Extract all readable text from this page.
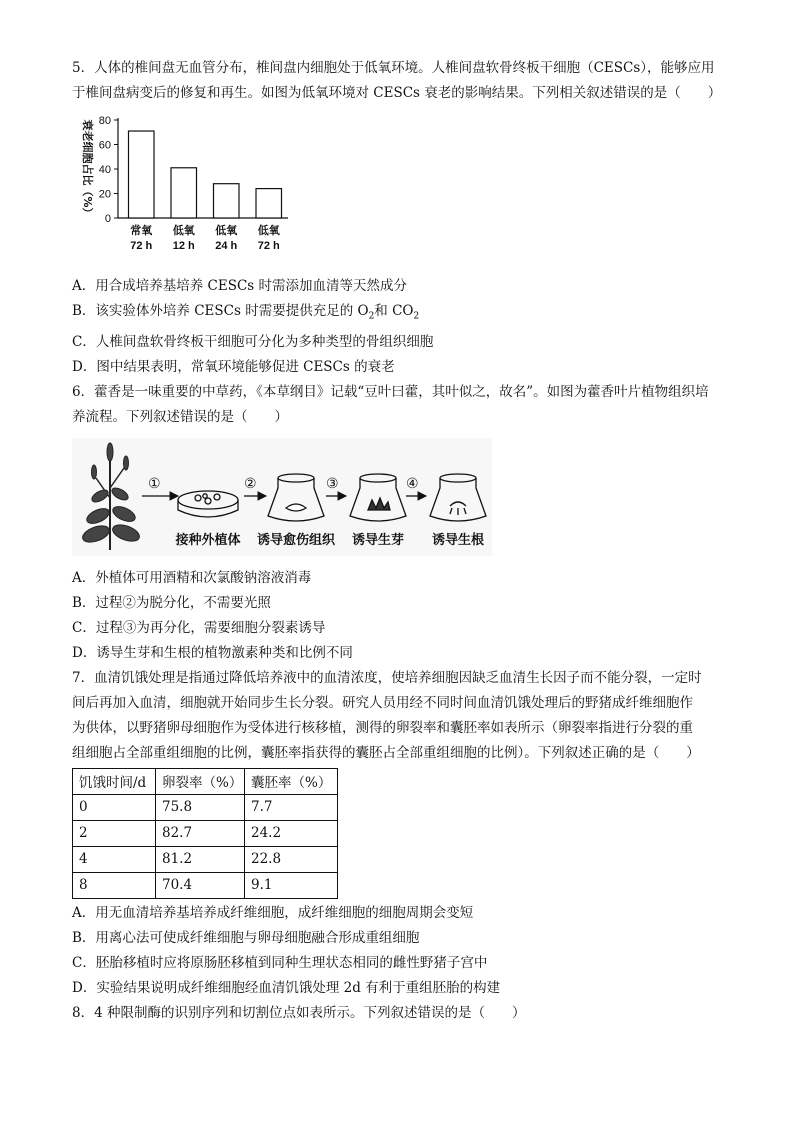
5．人体的椎间盘无血管分布，椎间盘内细胞处于低氧环境。人椎间盘软骨终板干细胞（CESCs），能够应用
于椎间盘病变后的修复和再生。如图为低氧环境对 CESCs 衰老的影响结果。下列相关叙述错误的是（　　）
0
20
40
60
80
衰老细胞占比（%）
常氧
72 h
低氧
12 h
低氧
24 h
低氧
72 h
A．用合成培养基培养 CESCs 时需添加血清等天然成分
B．该实验体外培养 CESCs 时需要提供充足的 $O_2$和 $CO_2$
C．人椎间盘软骨终板干细胞可分化为多种类型的骨组织细胞
D．图中结果表明，常氧环境能够促进 CESCs 的衰老
6．藿香是一味重要的中草药，《本草纲目》记载“豆叶曰藿，其叶似之，故名”。如图为藿香叶片植物组织培
养流程。下列叙述错误的是（　　）
①	②	③	④
接种外植体 诱导愈伤组织 诱导生芽 诱导生根
A．外植体可用酒精和次氯酸钠溶液消毒
B．过程②为脱分化，不需要光照
C．过程③为再分化，需要细胞分裂素诱导
D．诱导生芽和生根的植物激素种类和比例不同
7．血清饥饿处理是指通过降低培养液中的血清浓度，使培养细胞因缺乏血清生长因子而不能分裂，一定时
间后再加入血清，细胞就开始同步生长分裂。研究人员用经不同时间血清饥饿处理后的野猪成纤维细胞作
为供体，以野猪卵母细胞作为受体进行核移植，测得的卵裂率和囊胚率如表所示（卵裂率指进行分裂的重
组细胞占全部重组细胞的比例，囊胚率指获得的囊胚占全部重组细胞的比例）。下列叙述正确的是（　　）
饥饿时间/d	卵裂率（%）	囊胚率（%）
0	75.8	7.7
2	82.7	24.2
4	81.2	22.8
8	70.4	9.1
A．用无血清培养基培养成纤维细胞，成纤维细胞的细胞周期会变短
B．用离心法可使成纤维细胞与卵母细胞融合形成重组细胞
C．胚胎移植时应将原肠胚移植到同种生理状态相同的雌性野猪子宫中
D．实验结果说明成纤维细胞经血清饥饿处理 2d 有利于重组胚胎的构建
8．4 种限制酶的识别序列和切割位点如表所示。下列叙述错误的是（　　）
